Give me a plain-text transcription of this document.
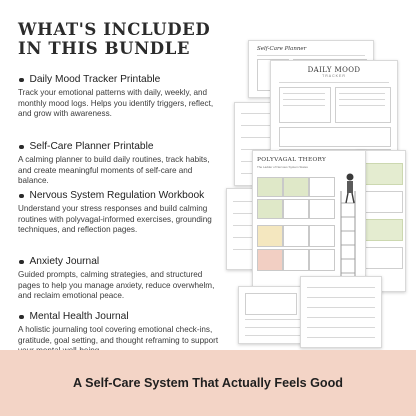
WHAT'S INCLUDED IN THIS BUNDLE
Daily Mood Tracker Printable
Track your emotional patterns with daily, weekly, and monthly mood logs. Helps you identify triggers, reflect, and grow with awareness.
Self-Care Planner Printable
A calming planner to build daily routines, track habits, and create meaningful moments of self-care and balance.
Nervous System Regulation Workbook
Understand your stress responses and build calming routines with polyvagal-informed exercises, grounding techniques, and reflection pages.
Anxiety Journal
Guided prompts, calming strategies, and structured pages to help you manage anxiety, reduce overwhelm, and reclaim emotional peace.
Mental Health Journal
A holistic journaling tool covering emotional check-ins, gratitude, goal setting, and thought reframing to support
Self-Care Planner
DAILY MOOD
TRACKER
POLYVAGAL THEORY
The Ladder of Nervous System States
A Self-Care System That Actually Feels Good
